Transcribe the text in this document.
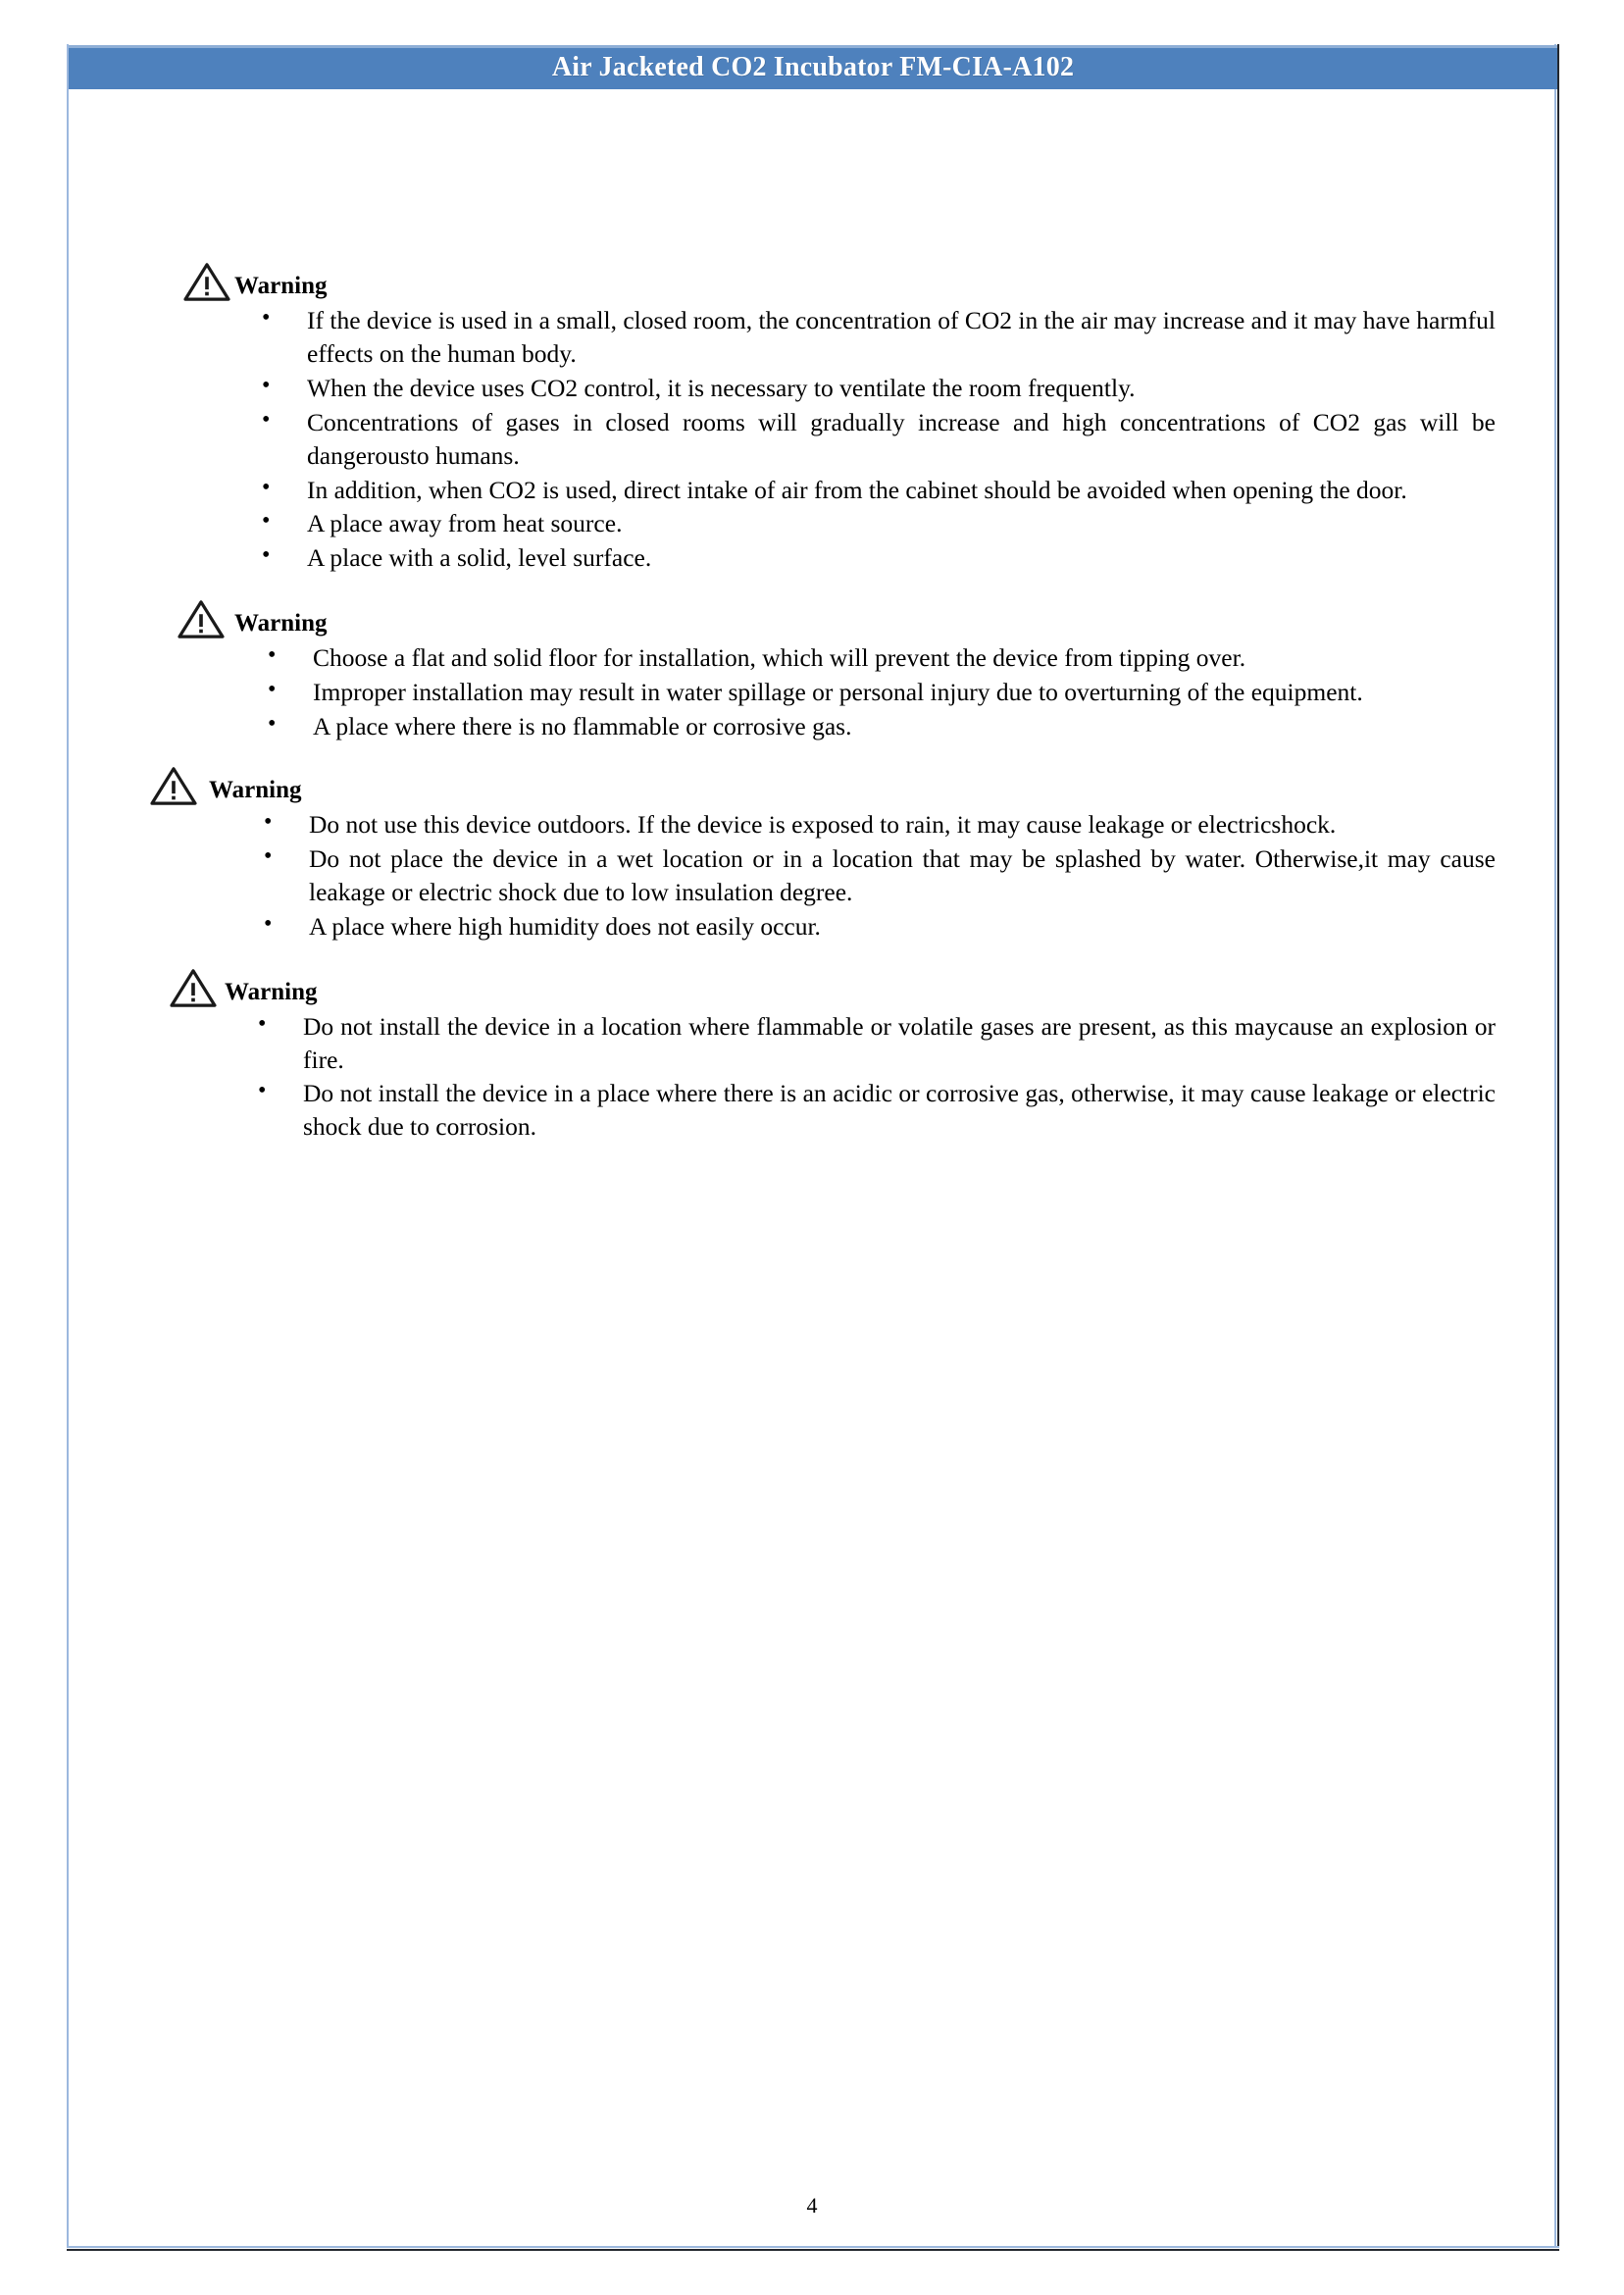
Air Jacketed CO2 Incubator FM-CIA-A102
Warning
• If the device is used in a small, closed room, the concentration of CO2 in the air may increase and it may have harmful effects on the human body.
• When the device uses CO2 control, it is necessary to ventilate the room frequently.
• Concentrations of gases in closed rooms will gradually increase and high concentrations of CO2 gas will be dangerousto humans.
• In addition, when CO2 is used, direct intake of air from the cabinet should be avoided when opening the door.
• A place away from heat source.
• A place with a solid, level surface.
Warning
• Choose a flat and solid floor for installation, which will prevent the device from tipping over.
• Improper installation may result in water spillage or personal injury due to overturning of the equipment.
• A place where there is no flammable or corrosive gas.
Warning
• Do not use this device outdoors. If the device is exposed to rain, it may cause leakage or electricshock.
• Do not place the device in a wet location or in a location that may be splashed by water. Otherwise,it may cause leakage or electric shock due to low insulation degree.
• A place where high humidity does not easily occur.
Warning
• Do not install the device in a location where flammable or volatile gases are present, as this maycause an explosion or fire.
• Do not install the device in a place where there is an acidic or corrosive gas, otherwise, it may cause leakage or electric shock due to corrosion.
4
